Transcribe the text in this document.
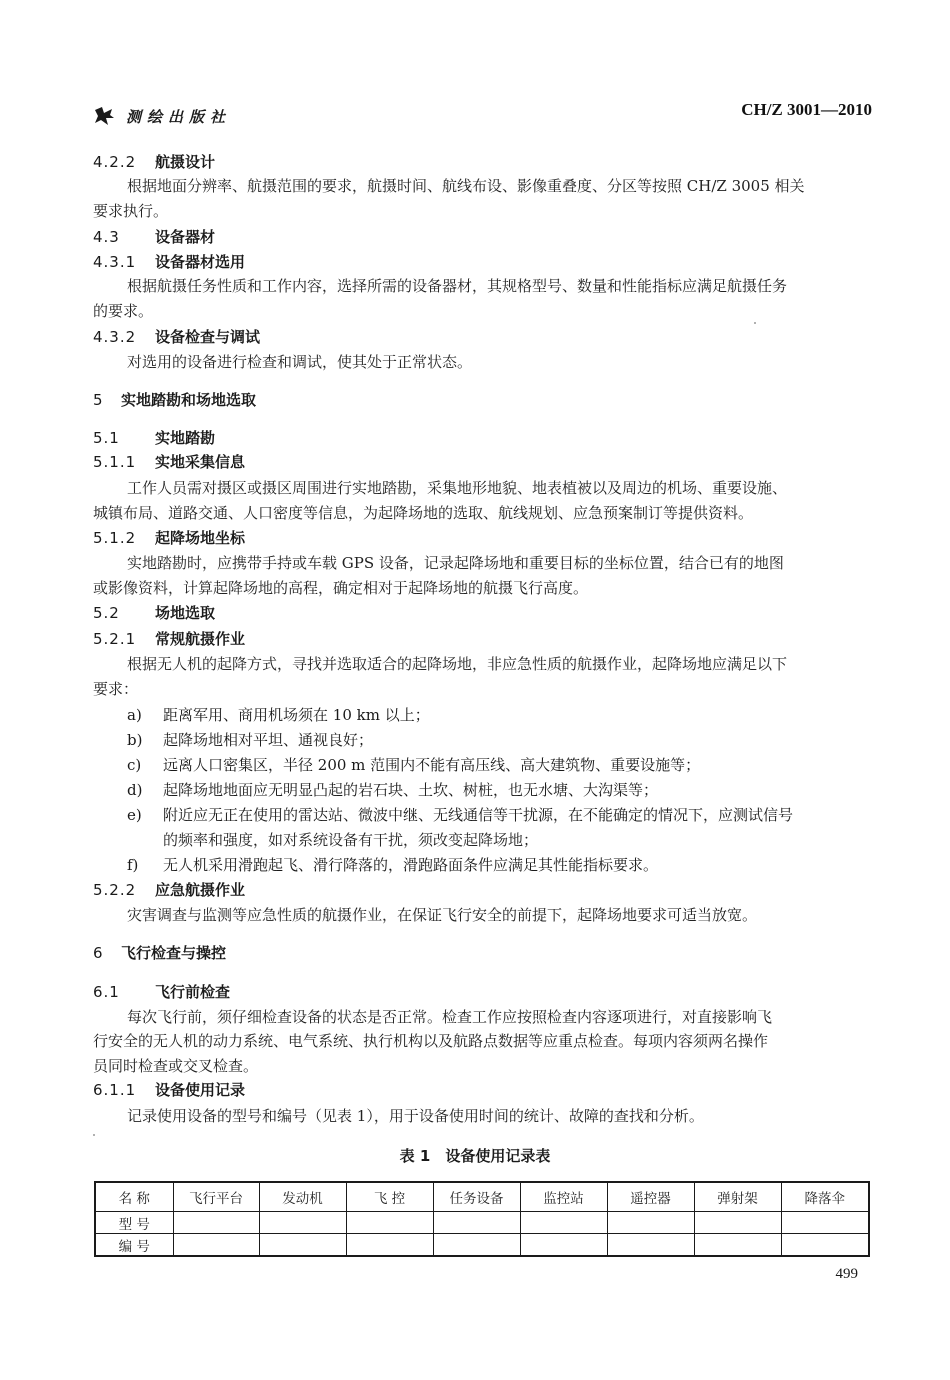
测绘出版社	CH/Z 3001—2010
4.2.2 航摄设计
根据地面分辨率、航摄范围的要求，航摄时间、航线布设、影像重叠度、分区等按照 CH/Z 3005 相关
要求执行。
4.3 设备器材
4.3.1 设备器材选用
根据航摄任务性质和工作内容，选择所需的设备器材，其规格型号、数量和性能指标应满足航摄任务
的要求。
4.3.2 设备检查与调试
对选用的设备进行检查和调试，使其处于正常状态。
5 实地踏勘和场地选取
5.1 实地踏勘
5.1.1 实地采集信息
工作人员需对摄区或摄区周围进行实地踏勘，采集地形地貌、地表植被以及周边的机场、重要设施、
城镇布局、道路交通、人口密度等信息，为起降场地的选取、航线规划、应急预案制订等提供资料。
5.1.2 起降场地坐标
实地踏勘时，应携带手持或车载 GPS 设备，记录起降场地和重要目标的坐标位置，结合已有的地图
或影像资料，计算起降场地的高程，确定相对于起降场地的航摄飞行高度。
5.2 场地选取
5.2.1 常规航摄作业
根据无人机的起降方式，寻找并选取适合的起降场地，非应急性质的航摄作业，起降场地应满足以下
要求：
a) 距离军用、商用机场须在 10 km 以上；
b) 起降场地相对平坦、通视良好；
c) 远离人口密集区，半径 200 m 范围内不能有高压线、高大建筑物、重要设施等；
d) 起降场地地面应无明显凸起的岩石块、土坎、树桩，也无水塘、大沟渠等；
e) 附近应无正在使用的雷达站、微波中继、无线通信等干扰源，在不能确定的情况下，应测试信号
的频率和强度，如对系统设备有干扰，须改变起降场地；
f) 无人机采用滑跑起飞、滑行降落的，滑跑路面条件应满足其性能指标要求。
5.2.2 应急航摄作业
灾害调查与监测等应急性质的航摄作业，在保证飞行安全的前提下，起降场地要求可适当放宽。
6 飞行检查与操控
6.1 飞行前检查
每次飞行前，须仔细检查设备的状态是否正常。检查工作应按照检查内容逐项进行，对直接影响飞
行安全的无人机的动力系统、电气系统、执行机构以及航路点数据等应重点检查。每项内容须两名操作
员同时检查或交叉检查。
6.1.1 设备使用记录
记录使用设备的型号和编号（见表 1），用于设备使用时间的统计、故障的查找和分析。
表 1　设备使用记录表
名 称	飞行平台	发动机	飞 控	任务设备	监控站	遥控器	弹射架	降落伞
型 号								
编 号								
499
